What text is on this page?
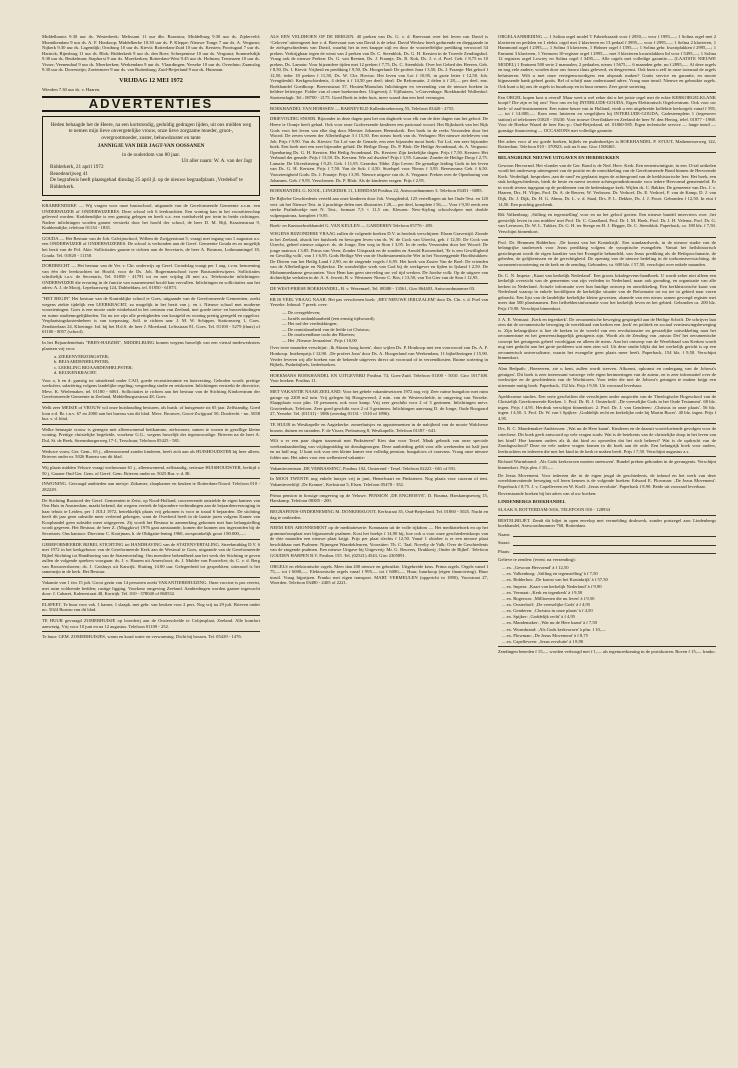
Middelharnis 9.30 uur ds. Westerbeek; Melissant 11 uur dhr. Boonstra; Middelburg 9.30 uur ds. Zijderveld; Monnikendam 9 uur ds. A. F. Honkoop; Middelkerke 10.30 uur ds. P. Kleppe; Nieuwe Tonge 7 uur ds. A. Vergunst; Nijkerk 9.30 uur ds. Lagendijk; Oostburg 10 uur ds. Kievit; Rotterdam-Zuid 10 uur ds. Kersten; Poortugaal 7 uur ds. Harinck; Rijnsburg 11 uur ds. Blok; Ridderkerk 9 uur ds. den Boer; Scherpenisse 10 uur ds. Vergunst; Sommelsdijk 9.30 uur ds. Beukelman; Staphorst 9 uur ds. Moerkerken; Rotterdam-West 9.45 uur ds. Hofman; Terneuzen 10 uur ds. Visser; Veenendaal 9 uur ds. Moerkerken; Werkendam 9 uur ds. Vlaardingen; Yerseke 10 uur ds. Overduin; Zaamslag 9.30 uur ds. Dorresteijn; Zoetermeer 9 uur ds. van Ruitenburg; Zuid-Beijerland 9 uur ds. Huisman.

VRIJDAG 12 MEI 1972

Wierden 7.30 uur ds. v. Haaren.

ADVERTENTIES
Heden behaagde het de Heere, na een kortstondig, geduldig gedragen lijden, uit ons midden weg te nemen mijn lieve onvergetelijke vrouw, onze lieve zorgzame moeder, groot-, overgrootmoeder, zuster, behuwdzuster en tante
JANNIGJE VAN DER JAGT-VAN OOSSANEN
in de ouderdom van 80 jaar.
Uit aller naam: W. A. van der Jagt
Ridderkerk, 21 april 1972
Benedenrijweg 41
De begrafenis heeft plaatsgehad dinsdag 25 april jl. op de nieuwe begraafplaats ‚Vredehof' te Ridderkerk.

KRABBENDIJKE — Wij vragen voor onze basisschool, uitgaande van de Gereformeerde Gemeente a.s.m. een ONDERWIJZER of ONDERWIJZERES. Deze school telt 6 leerkrachten. Een woning kan in het voorzitterschap geleverd worden. Krabbendijke is een gunstig gelegen en heeft o.a. een voetbalveld per trein in beide richtingen. Nadere inlichtingen worden gaarne verstrekt door het hoofd der school, de heer D. M. Bijl, Kraaienstraat 9, Krabbendijke, telefoon 01134 - 1835.

GOUDA — Het Bestuur van de Joh. Calvijnschool, Willem de Zwijgerstraat 5, vraagt met ingang van 1 augustus a.s. een ONDERWIJZER of ONDERWIJZERES. De school is verbonden aan de Geref. Gemeente Gouda en zo mogelijk het bezit van de Pol. Akte. Sollicitaties gaarne te richten aan de Secretaris, de heer A. Bosman, Lothmanningel 18, Gouda. Tel. 01820 - 11158.

DORDRECHT — Het bestuur van de Ver. v. Chr. onderwijs op Geref. Grondslag vraagt per 1 aug. i.v.m. benoeming van één der leerkrachten tot Hoofd, voor de Ds. Joh. Bogermanschool twee Basisonderwijzers. Sollicitaties schriftelijk t.a.v. de Secretaris, Tel. 01850 - 41791 tot en met vrijdag 26 mei a.s. Telefonische inlichtingen: ONDERWIJZER die ervaring in de functie van waarnemend hoofd kan vervullen. Inlichtingen en sollicitaties aan het adres: A. J. de Mooij, Lepelaarsweg 124, Dubbeldam, tel. 01850 - 61873.

"HET BEGIN" Het bestuur van de Koninklijke school te Goes, uitgaande van de Gereformeerde Gemeenten, zoekt wegens ziekte tijdelijk een LEERKRACHT, zo mogelijk in het bezit van j. en i. Nieuwe school met moderne voorzieningen. Goes is een mooie oude winkelstad in het centrum van Zeeland, met goede trein- en busverbindingen en ruime studiemogelijkheden. Tot nu toe zijn alle prettigheden van kostgeld en woning prettig geregeld en opgelost. Verplaatsingskostenbeheer is van toepassing. Soll. te richten aan: J. M. W. Schipper, Stationsweg 1, Goes. Zendsterlaan 24, Kloetinge. Inl. bij het H.d.S. de heer J. Moerland, Lelisstraat 81, Goes. Tel. 01100 - 5279 (thuis) of 01100 - 8057 (school).

In het Bejaardentehuis "EBEN-HAEZER", MIDDELBURG komen wegens huwelijk van een viertal medewerksters plaatsen vrij voor:

a. ZIEKENVERZORGSTER;
b. BEJAARDENHELPSTER;
c. LEERLING BEJAARDENHELPSTER;
d. KEUKENKRACHT.

Voor a, b en d: gunstig tot uitstekend onder CAO, goede recreatieruimte en huisvesting. Geboden wordt: prettige werksfeer, salariëring volgens landelijke regeling; vergoeding studie en reiskosten. Inlichtingen verstrekt de directrice, Mevr. K. Wielemaker, tel. 01180 - 6061. Sollicitaties te richten aan het bestuur van de Stichting Kindcentrum der Gereformeerde Gemeente in Zeeland, Middelburgsestraat 48, Goes.

Welk zeer MEISJE of VROUW wil onze huishouding besturen, als huish. of huisgenote tot 65 jaar. Zelfstandig. Goed loon e.d. Br. t.n.v. 67 en 2000 aan het bureau van dit blad. Mevr. Brouwer, Groot-Zwijgraaf 50, Dordrecht - no. 5038 bur. v. d. blad.

Welke hennapie vrouw is genegen met alleenwonend heitkamme, zielswoner, samen te wonen in gezellige kleine woning. Prettige christelijke begeleide, voorkeur G.G., wegens huwelijk der tegenwoordige. Brieven na de heer A. Dul, St. de Beek, Streumburgerweg 17-1, Terschuur, Telefoon 05425 - 581.

Weduwe vouw, Ger. Gem., 65 j., alleenwonend zonder kinderen, heeft zich aan als HUISHOUDSTER bij heer alleen. Brieven onder nr. 5026 Bureau van dit blad.

Wij plaats midden Veluwe vraagt weduwnaar 61 j., alleenwonend, zelfstandig, serieuze HUISHOUDSTER, leeftijd ± 50 j. Gaarne Oud Ger. Gem. of Geref. Gem. Brieven onder nr. 5025 Bur. v. d. Bl.

INWONING. Gevraagd aanbieden aan meisje: Zitkamer, slaapkamer en keuken te Rotterdam-Noord. Telefoon 010 - 282229.

De Stichting Rustoord der Geref. Gemeenten te Zeist, op Nood-Holland, couvreerende ontzielde de eigen kamers van Ons Huis in Amsterdam, maakt bekend, dat wegens vertrek de bijzondere verbindingen aan de bejaardenverzorging in haar tehuis te Leiden, per 1 JULI 1972, betrekkelijk plaats vrij gekomen is voor in totaal 6 bejaarden. De stichting heeft dit jaar geen subsidie meer verleend gekregen, want de Overheid heeft in de laatste jaren volgens Kamer van Koophandel geen subsidie meer uitgegeven. Zij wordt het Bestuur in aanmerking gekomen met hun belangstelling wordt gegeven. Het Bestuur, de heer Z. (Muggkow) 1976 gaat aanstaande, komen die kunnen ons ingezonden bij de Secretaris. Ons kantoor: Directeur C. Kooijman, b. de Obligatie-lening 1960, oorspronkelijk groot f 80.000,—.

GEREFORMEERDE BIJBEL STICHTING tot HANDHAVING van de STATENVERTALING. Streekmiddag D.V. 6 mei 1972 in het kerkgebouw van de Gereformeerde Kerk aan de Westwal te Goes, uitgaande van de Gereformeerde Bijbel Stichting tot Handhaving van de Statenvertaling. Om meerdere bekendheid aan het werk der Stichting te geven zullen de volgende sprekers voorgaan: ds. J. v. Haaren uit Amersfoort; ds. J. Mulder van Poortvliet; ds. C. v. d. Berg van Brouwershaven; ds. J. Catshuys uit Katwijk. Sluiting 14.00 uur. Gelegenheid tot gesprekken; uiteraard is het samenzijn in de kerk. Het Bestuur.

Vakantie van 1 t/m 15 juli. Groot gezin van 14 personen zoekt VAKANTIEBEHUIZING. Onze vaccine is pas vereist, met ruim voldoende bedden; rustige ligging. Voorkeur omgeving Zeeland. Aanbiedingen worden gaarne ingewacht door: J. Cabaret, Kalenestraat 48, Kortrijk. Tel. 010 - 378040 of 860532.

ELSPEET. Te huur voor vak. 1 kamer, 1 slaapk. met gebr. van keuken voor 2 pers. Nog vrij na 29 juli. Brieven onder no. 5024 Bureau van dit blad.

TE HUUR gevraagd ZOMERHUISJE op boerderij aan de Oosterschelde te Colijnsplaat, Zeeland. Alle komfort aanwezig. Vrij voor 10 juni en na 12 augustus. Telefoon 01109 - 252.

Te huur: GEM. ZOMERHUISJES, warm en koud water en verwarming. Dicht bij bossen. Tel. 05429 - 1476.

ALS EEN VELDHOEN OP DE BERGEN. 40 preken van Ds. G. v. d. Breevaart over het leven van David is ‘Geloven’ uiteengezet hoe v. d. Breevaart was van David is de tekst: David Weslaw heeft gedurende en diepgaande in de zielsgeschiedenis van David, waarbij het in een knappe stijl en door de voortreffelijke prediking verwoord 34 preken. Verkrijgbaar tegen de winst van 2 preken van Dr. C. Steenblok, Ds. G. H. Kersten in de Tweede Zendingsbul. Vraag ook de nieuwe Preken: Ds. G. van Reenen, Ds. J. Fraanje, Ds. R. Kok, Ds. J. v. d. Poel. Geb. f 8,75 in 10 preken, Ds. Lamain: Voor bijzondere tijden met 12 preken f 7,75, Ds. C. Steenblok: Over het Gebed des Heeren, Geb. f 8,50, Ds. I. Kievit: Vrijheid en prediking f 9,50, Ds. Hoogerland: De profeet Jona f 3,50, Ds. J. Fraanje: Het geloof f 12,50, ieder 18 preken f 11,50, Ds. W. Chr. Hovius: Het leven van Lot f 10,95, in grote letter f 12,50. Joh. Vreugdenhil: Kerkgeschiedenis, 4 delen à f 14,50 per deel; ideal. De Reformatie, 2 delen à f 28,— per deel, enz. Boekhandel Goedkoop: Boerenstraat 57, Houten/Maassluis Inlichtingen en verzending van de nieuwe boeken in heldere lettertype. Folder van al onze boekenorders. Uitgeverij J. Vijfhuizen, 's-Gravenhage. Boekhandel Wollenhof. Stoetenslagh. Tel.: 08700 - 2175. Goed Boek in ieder huis, meer waard dan een heel vermogen.

BOEKHANDEL VAN HORSSEN — BARNEVELD Kallenbroekerweg 55, Telefoon 03420 - 2755.

DRIEVOUDIG SNOER. Bijzonder in deze dagen past het om dagboek voor elk van de drie dagen van het geloof. De Heere te Oranje heeft gehad. Ook voor onze Godvrezende kinderen een pastoraal woord. Het Rijksboek van het Rijk Gods voor het leven van elke dag door Meester Johannes Heemskerk. Een boek in de reeks Verzonden door het Woord. De zeven verzen der Allerheiligste 3 f 15,50. Een nieuw boek van ds. Verhagen: Het nieuwe zieleleven van Job. Prijs f 9,90. Van ds. Kieviet: Tot Lof van de Genade, een zeer bijzonder mooi boek: Tot Lof, een zeer bijzonder boek. Een boek met een zeer bijzonder geluid. De Heilige Doop. Ds. P. Blok: De Heilige Avondmaal, ds. A. Vergunst: Openbaring Ds. G. H. Kersten. Het Heilig Avondmaal. Ds. Kersten: Zijn kerkelijke dagen. Prijs f 7,50. Kersten: Het Verbond der genade. Prijs f 13,50. Ds. Kersten: Wie zal dwalen? Prijs f 1,95. Lamain: Zonder de Heilige Doop f 2,75. Lamain: De Uitverkiezing f 9,25. Geb. f 11,95. Gerardus Tibbe. Zijn Leven: De genadige leiding Gods in het leven van Ds. G. H. Kersten. Prijs f 7,50. Van de Sok: f 4,50. Stoelspel voor Nieuw f 3,95. Breeuwsma Geb. f 6,50. Voorzienigheid Gods: Ds. J. Fraanje. Prijs f 3,95. Nieuwe uitgave van ds. A. Vergunst: Preken over de Openbaring van Johannes. Geb. f 9,95. Verschenen: Ds. P. Blok: Als de kinderen vragen. Prijs f 2,95.

BOEKHANDEL G. KOOL, LINGEDIJK 11, LEERDAM Postbus 22, Antwoordnummer 3. Telefoon 03451 - 6885.

De Bijbelse Geschiedenis verteld aan onze kinderen door Joh. Vreugdenhil, 125 vertellingen uit het Oude Test. en 120 vert. uit het Nieuwe Test. in 2 prachtige delen met illustraties f 28,— per deel, komplete f 56,—. Voor f 9,50 reeds een sterke Psalmboekje met N. Test., formaat 7,5 × 11,5 cm. Kleuren: New-Styling schoolvulpen met double vulpenpatrona, kompleet f 9,95.

Boek- en Kantoorboekhandel G. VAN KEULEN — GARDEREN Telefoon 05776 - 495.

WEGENS BIJZONDERE VRAAG zullen de volgende boeken D.V. in herdruk verschijnen: Elsam Gravestijd: Zionde in het Zeeland, alsook het huisboek en bewogen leven van ds. W. de Cock van Utrecht, geb. f 12,50. De Cock van Utrecht, geheel nieuwe uitgave: ds. de Jonge, Een weg in Sion f 3,95. In de reeks Verzonden door het Woord: De jonge matroos f 3,85. Pitrus van Veen; Zonder Uitspraak en de zonden en Arnold Roosendael, 'Er is een Gewilligheid en Gewillig volk', van 1 f 6,95. Gods Heilige Wet van de Oudtestamentische Wet in het Voorzeggende Hoofdstukken: De Dieren van het Heilig Land f 2,90, en de zingende vogels f 6,95. Het boek van Zuster Van de Boel: De vrienden van de Allerheiligste en Nijkerkse. De wonderlijke werk van God bij de werkgever en lijden in Ijsland f 2,50. De Mohammedaanse gewoonten. Voor Hem kan geen sterveling uw vol tijd werken. De Joodse volk: Op de uitgave van dichterlijke verhalen in de: A. S. Jewett; B. v. Westmeer Nieuw C. Bos, f 13,50, van Tot Gier van de Sion f 12,95.

DE WEST-FRIESE BOEKHANDEL, B. v. Wezemael, Tel. 08380 - 13561, Giro 864403, Antwoordnummer 03.

ER IS VEEL VRAAG NAAR: Het pas verschenen boek: ‚HET NIEUWE JERUZALEM' door Ds. Chr. v. d. Poel van Yerseke. Inhoud: 7 preek. over:

— De overgebleven;
— Israëls ondankbaarheid (een ernstig tijdwoord);
— Het rad der verdrukkingen;
— De onmisbaarheid van de liefde tot Christus;
— De onafwendbare tocht der Bloeiers;
— Het ‚Nieuwe Jeruzalem'. Prijs f 10,00

Over twee maanden verschijnt: ‚Ik Abram hoog horen', door wijlen Ds. P. Honkoop met een voorwoord van Ds. A. F. Honkoop. Intekenprijs f 12,90. ‚De profeet Jona' door Ds. A. Hoogerland van Werkendam, 11 bijbellezingen f 15,90. Verder leveren wij alle boeken van de bekende uitgevers direct uit voorraad of in verzendkosten. Ruime sortering in Bijbels, Psalmbijbels, liederboeken.

HOEKMANS BOEKHANDEL EN UITGEVERIJ Postbus 74, Goes-Zuid. Telefoon 01100 - 5010. Giro 1017108. Voor boeken: Postbus 11.

MET VAKANTIE NAAR ZEELAND. Voor het gehele vakantieseizoen 1972 nog vrij: Zeer ruime bungalow met ruim garage op 2200 m2 tuin. Vrij gelegen bij Hoogeweerd, 2 min. van de Westerschelde, in omgeving van Yerseke. Slaapplaats voor plm. 10 personen, ook voor kamp. Vrij zeer geschikt voor 2 of 3 gezinnen. Inlichtingen mevr. Grootenhuis. Telefoon. Zeer goed geschikt voor 2 of 3 gezinnen. Inlichtingen aanvraag D. de Jonge, Oude Boogaard 27, Yerseke. Tel. (01131) - 1886 (overdag 01131 - 1510 of 1896).

TE HUUR in Westkapelle en Aagtekerke: zomerhuisjes en appartementen in de nabijheid van de mooie Walcherse bossen, duinen en stranden. F. de Visser, Prelaatweg 8, Westkapelle, Telefoon 01187 - 641.

Wilt u er een paar dagen tussenuit met Pinksteren? Kies dan voor Texel. Maak gebruik van onze speciale weekendaanbieding van vrijdagmiddag tot dinsdagmorgen. Deze aanbieding geldt voor alle weekenden tot half juni en na half aug. U kunt ook voor een kleine kamer een volledig pension, bungalows of caravans. Vraag onze nieuwe folder aan. Het adres voor een welbesteed vakantie:

Vakantiecentrum ‚DE VERRASSING', Postbus 102, Oosterend - Texel. Telefoon 02223 - 661 of 591.

In MOOI TWENTE nog enkele huisjes vrij in juni, Hemelvaart en Pinksteren. Nog plaats voor caravan of tent. Vakantieverblijf ‚De Kramer', Kerkstraat 5, Elsen. Telefoon 05478 - 352.

Prima pension in bossige omgeving op de Veluwe. PENSION ‚DE ENGHOEVE', D. Bouma, Harskampseweg 15, Harskamp. Telefoon 08385 - 200.

BEGRAFENIS-ONDERNEMING M. DONKERSLOOT, Kerkstraat 35, Oud-Beijerland. Tel. 01860 - 5025. Nacht en dag te ontbieden.

NEEM EEN ABONNEMENT op de meditatieserie: Komnaam uit de volle rijkdom — Het meditatieboek en op het grammofoonplaat met bijpassende psalmen. Kost het boekje f 14,90 bij, hoe ook u voor onze geschiedeniskorps van de drie maanden een nieuwe plaat krijgt. Prijs per plaat slechts f 12,50. Vanaf 1 oktober is er een nieuwe plaat beschikbaar met Psalmen: Nijmegen Waardekleuren, Voorzitter: Th. C. Taal. Novelty de Valk: Over de Geschiedenis van de zingende psalmen. Een nieuwe Uitgave bij Uitgeverij: Mr. G. Reuvers, Drukkerij ‚Onder de Bijbel'. Telefoon GOUDEN HARPEN B.V. Postbus 155. Tel. (02521) 4543, Giro 2305891.

ORGELS en elektronische orgels. Meer dan 200 nieuwe en gebruikte. Uitgebreide keus. Prima orgels. Orgels vanaf f 75,— tot f 6000,—. Elektronische orgels vanaf f 995,— tot f 6000,—. Huur, huurkoop (eigen financiering). Huur inruil. Vraag bijprijzen. Franko met eigen transport. MART VERMEULEN (opgericht in 1890), Voorstraat 27, Woerden. Telefoon 03480 - 2405 of 2221.

ORGELAANBIEDING — 1 Solina orgel model T Fabriekszaak voor f 2950,— voor f 1995,—; 1 Solina orgel met 2 klavieren en pedalen en 1 elektr. orgel met 2 klavieren en 13 pedaal f 3995,— voor f 2995,—; 1 Solina 2 klavieren, 1 Hammond orgel f 2395,—; 1 Solina 3 klavieren, 1 Hohner orgel f 1395,—; 1 Solina gebr. kwartplakken f 2995,—; 1 Eminent 3 klavieren, 1 Vermoen 10-register orgel f 2995,— met 3 klavieren kwartslakken lid voor f 5495,—; 1 Solina 12 registers orgel Lowrey en Solina orgel f 3495,—. Alle orgels met volledige garantie.— (LAATSTE NIEUWE MODEL) 1 Eminent 500 serie 2 manualen, 2 pedaalen, nieuw f 5675,— 6 maanden gebr. nu f 2895,—. Al deze orgels en nog vele andere, worden door ons franco thuis geleverd, en desgewenst. Ook kunt u zelf in onze toonzaal de orgels beluisteren. Wilt u met onze vertegenwoordigers een afspraak maken? Gratis service en garantie, en mooie bijpassende bank geheel gratis. Bel of schrijf naar onderstaand adres. Vraag naar inruil. Nieuwe en gebruikte orgels. Ook kunt u bij ons de orgels in huurkoop en in huur nemen. Zeer grote sortering.

Een ORGEL kopen kost u overal! Maar weet u wel zeker dat u het juiste orgel met de echte KERKORGELKLANK koopt? Die zijn er bij ons! Voor ons en bij INTERLUDE-GOUDA, Eigen Elektronisch Orgelcentrum. Ook voor uw kerk- of zaal-instrumenten. Een ruime keuze van in Holland, vindt u een uitgebreide kollektie kerkorgels vanaf f 595,— tot f 14.000,—. Kom eens luisteren en vergelijken bij INTERLUDE-GOUDA, Cadesteenplein 1 (tegenover station) of telefoneer 01820 - 19230. Voor trouwe Overflakkee en Zeeland de heer W. den Hertog, telef. 01877 - 1968. Voor de Hoekse Waard de heer Em.-p.: Oud-Beijerland, tel. 01860-585. Eigen technische service — lange inruil — gunstige financiering — OCCASIONS met volledige garantie.

Het adres voor al uw goede boeken, bijbels en psalmboekjes is BOEKHANDEL P. STUUT, Mathenesserweg 122, Rotterdam. Telefoon 010 - 370923, ook na 6 uur. Giro 1508465.

BELANGRIJKE NIEUWE UITGAVEN EN HERDRUKKEN

Gewoon Hervormd. Het vlonder van de Ger. Bond is de Ned. Herv. Kerk. Een eenentwintigste, in een 13-tal artikelen wordt het onderwerp uiteengezet van de positie en de ontwikkeling van de Gereformeerde Bond binnen de Hervormde Kerk. Verdedigd, besproken ‚aan de rand' en geplaatst tegen de achtergrond van de kerkhistorische leer. Het boek, een stuk kerkgeschiedenis, biedt de beste en meest recente achtergrondinformatie voor iedere Hervormd gemeentelid. Er in wordt tevens ingegaan op de problemen van de hedendaagse kerk. Wijlen ds. C. Bakker, De gemeente van Drs. J. v. Haaren, Drs. H. Vlijm, Prof. Dr. A. de Reuver, W. Verboom. Dr. Verhoef, Ds. E. Verhoef, F. van de Kamp, D. J. van Dijk, Dr. J. Dijk, Dr. H. G. Abma, Dr. L. v. d. Staal, Drs. P. L. Dekker, Ds. J. J. Poort. Gebonden f 12,50. In etui f 14,50. Een prachtig geschenk.

Rik Valkenburg: ‚Stilling en tegenstelling' voor en na het geloof gezien. Een nieuwe bundel interviews over ‚het geestelijk leven in ons midden' met Prof. Dr. C. Graafland, Prof. Dr. I. M. Hoek, Prof. Dr. J. H. Velema, Prof. Dr. G. van Leeuwen, Dr. W. L. Tukker, Dr. G. H. ter Steege en H. J. Hegger, Dr. C. Steenblok. Paperback, ca. 180 blz. f 7,50. Verschijnt binnenkort.

Prof. Dr. Hemmen Ridderbos: ‚De komst van het Koninkrijk'. Een standaardwerk, in de nieuwe studie van de belangrijke studiewerk voor Jezus prediking volgens de synoptische evangeliën. Vanuit het heilshistorisch gezichtspunt wordt de eigen karakter van het Evangelie behandeld, van Jezus prediking als de Heilsproclamatie, de gebeden, de gelijkenissen en de gerechtigheid. De opening van de nieuwe bedeling in de toekomstverwachting, de sacramentvoorziening en de kerk en de zending. Gebonden, ca. 600 blz. f 57,50, verschijnt over enkele maanden.

Dr. C. N. Impeta: ‚Kaart van kerkelijk Nederland'. Een groots lokalegevens-handboek. U wordt zeker niet alleen een kerkelijk overzicht van de gemeenten van zijn verleden in Nederland, maar ook gronding, en organisatie van alle kerken in Nederland. Actuele informatie over hun huidige ontwerp en ontwikkeling. Een kerkhistorische kaart van Nederland waarop in enkele hoofdlijnen de kerkelijke situatie van de Reformatie tot nu toe in gebied naar voren gebracht. Een lijst van de landelijke kerkelijke kleine gewesten, alsmede van een nieuw samen gevoegd register met meer dan 500 plaatsnamen. Een liefhebbersinformatie voor het kerkelijk leven en het gebied. Gebonden ca. 200 blz. Prijs f 9,90. Verschijnt binnenkort.

J. A. E. Vermaat: ‚Kerk en tegenkerk'. De oecumenische beweging gespiegeld aan de Heilige Schrift. De schrijver laat zien dat de oecumenische beweging de wereldraad van kerken een ‚kerk' en politiek en sociaal vernieuwingsbeweging is. Zijn belangrijkste is hoe de kerken in de wereld van een revolutionaire en gevaarlijke ontwikkeling naar het oecumenisme en het gemeenschappelijk getuigenis zijn. Wordt als de Zending van ‚missio Dei' het oecumenische concept het getuigenis geheel voorbijgaat en alleen de mens. Aan het ontwerp van de Wereldraad van Kerken wordt nog niet gedacht aan het grote probleem wat men zien wil. Uit deze studie blijkt dat het werkelijk gericht is op een oecumenisch universalisme, waarin het evangelie geen plaats meer heeft. Paperback, 154 blz. f 9,50. Verschijnt binnenkort.

Alan Redpath: ‚Hoezeeren, zie u kent, zullen wordt sterven. Afkomst, opkomst en ondergang van de Johova's getuigen'. Dit boek is zeer interessant vanwege vele eigen herinneringen van de auteur, en is zeer informatief over de werkwijze en de geschiedenis van de Wachttoren. Voor ieder die met de Johova's getuigen te maken krijgt een uitermate nuttig boek. Paperback, 152 blz. Prijs f 9,50. Uit voorraad leverbaar.

Apeldoornse studies. Een serie geschriften die verschijnen onder auspiciën van de Theologische Hogeschool van de Christelijk Gereformeerde Kerken. 1. Prof. Dr. B. J. Oosterhoff: ‚De vreeselijke Gods in het Oude Testament'. 68 blz. ingen. Prijs f 4,95. Herdruk verschijnt binnenkort. 2. Prof. Dr. J. van Genderen: ‚Christus in onze plaats'. 56 blz. ingen. f 4,50. 3. Prof. Dr. W. van 't Spijker: ‚Goddelijk recht en kerkelijke orde bij Martin Bucer'. 40 blz. ingen. Prijs f 4,95.

Drs. R. C. Mandemaker-Andriessen: ‚Wat nu de Here kaant'. Kinderen en de daaruit voortvloeiende gevolgen voor de catechese. Dit boek geeft antwoord op vele vragen zoals: Wat is de betekenis van de christelijke doop in het leven van het kind? Hoe kunnen ouders als ik dat kind zo opvoeden dat het zich bekeert? Wat is de opdracht van de Zondagsschool? Deze en vele andere vragen komen in dit boek aan de orde. Een belangrijk boek voor ouders, leerkrachten en iedereen die met het kind in de kerk te maken heeft. Prijs f 7,50. Verschijnt augustus a.s.

Richard Wurmbrand: ‚Als Gods kerkvorsen moeten sneeuwen'. Bundel preken gehouden in de gevangenis. Verschijnt binnenkort. Prijs plm. f 10,—.

De Jezus Movement. Voor iedereen die in de eigen jeugd de geschiedenis, de inhoud en het werk van deze wereldomvattende beweging wil leren kennen is de volgende boeken: Edward E. Plowman: ‚De Jezus Movement'. Paperback f 8,75. J. v. Capelleveen en W. Kroll: ‚Jezus revolutie'. Paperback f 8,90. Beide uit voorraad leverbaar.

Bovenstaande boeken bij het adres van al uw boeken:

LINDENBERGS BOEKHANDEL

SLAAK 8, ROTTERDAM-3016, TELEFOON 010 - 128934

BESTELBILJET. Zendt dit biljet in open envelop met vermelding drukwerk, zonder postzegel aan: Lindenbergs boekhandel, Antwoordnummer 768, Rotterdam.

Naam:
Straat:
Plaats:
Gelieve te zenden: (event. na verzending):
....ex. ‚Gewoon Hervormd' à f 12,50
....ex. Valkenburg: ‚Stilling en tegenstelling' à f 7,50
....ex. Ridderbos: ‚De komst van het Koninkrijk' à f 57,50
....ex. Impeta: ‚Kaart van kerkelijk Nederland' à f 9,90
....ex. Vermaat: ‚Kerk en tegenkerk' à f 9,50
....ex. Rogerson: ‚Millioenen die nu leven' à f 9,50
....ex. Oosterhoff: ‚De vreeselijke Gods' à f 4,95
....ex. Genderen: ‚Christus in onze plaats' à f 4,50
....ex. Spijker: ‚Goddelijk recht' à f 4,95
....ex. Mandemaker: ‚Wat nu de Here kaant' à f 7,50
....ex. Wurmbrand: ‚Als Gods kerkvorsen' à plm. f 10,—
....ex. Plowman: ‚De Jezus Movement' à f 8,75
....ex. Capelleveen: ‚Jezus revolutie' à f 8,90
Zendingen beneden f 15,— worden verhoogd met f 1,— als tegemoetkoming in de portokosten. Boven f 15,— franko.
